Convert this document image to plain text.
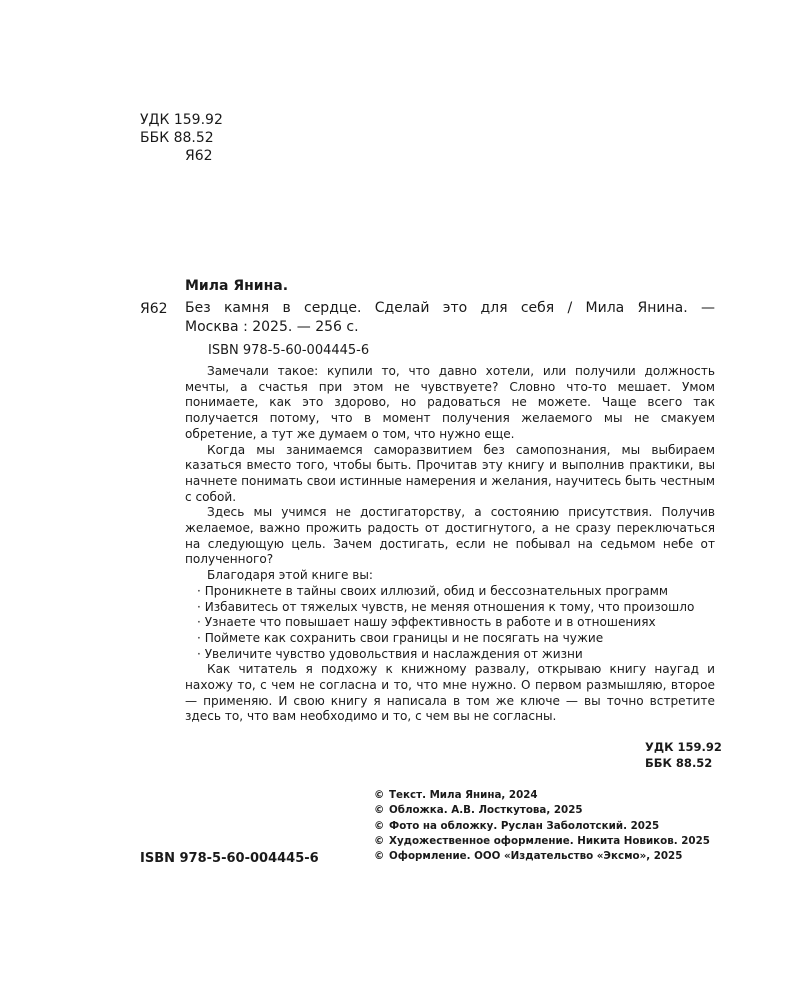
УДК 159.92
ББК 88.52
Я62
Мила Янина.
Я62 Без камня в сердце. Сделай это для себя / Мила Янина. —
Москва : 2025. — 256 с.
ISBN 978-5-60-004445-6

Замечали такое: купили то, что давно хотели, или получили должность мечты, а счастья при этом не чувствуете? Словно что-то мешает. Умом понимаете, как это здорово, но радоваться не можете. Чаще всего так получается потому, что в момент получения желаемого мы не смакуем обретение, а тут же думаем о том, что нужно еще.

Когда мы занимаемся саморазвитием без самопознания, мы выбираем казаться вместо того, чтобы быть. Прочитав эту книгу и выполнив практики, вы начнете понимать свои истинные намерения и желания, научитесь быть честным с собой.

Здесь мы учимся не достигаторству, а состоянию присутствия. Получив желаемое, важно прожить радость от достигнутого, а не сразу переключаться на следующую цель. Зачем достигать, если не побывал на седьмом небе от полученного?

Благодаря этой книге вы:

· Проникнете в тайны своих иллюзий, обид и бессознательных программ

· Избавитесь от тяжелых чувств, не меняя отношения к тому, что произошло

· Узнаете что повышает нашу эффективность в работе и в отношениях

· Поймете как сохранить свои границы и не посягать на чужие

· Увеличите чувство удовольствия и наслаждения от жизни

Как читатель я подхожу к книжному развалу, открываю книгу наугад и нахожу то, с чем не согласна и то, что мне нужно. О первом размышляю, второе — применяю. И свою книгу я написала в том же ключе — вы точно встретите здесь то, что вам необходимо и то, с чем вы не согласны.

УДК 159.92
ББК 88.52
© Текст. Мила Янина, 2024
© Обложка. А.В. Лосткутова, 2025
© Фото на обложку. Руслан Заболотский. 2025
© Художественное оформление. Никита Новиков. 2025
© Оформление. ООО «Издательство «Эксмо», 2025
ISBN 978-5-60-004445-6
